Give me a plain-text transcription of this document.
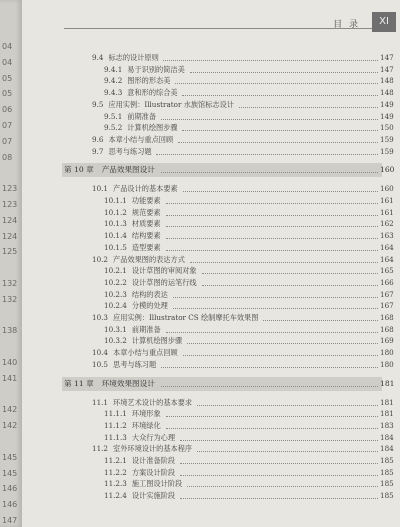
04
04
05
05
06
07
07
08
123
123
124
124
125
132
132
138
140
141
142
142
145
145
146
146
147
目 录	XI
9.4 标志的设计原则	147
9.4.1 易于识别的简洁美	147
9.4.2 图形的形态美	148
9.4.3 意和形的综合美	148
9.5 应用实例：Illustrator 水族馆标志设计	149
9.5.1 前期准备	149
9.5.2 计算机绘图步骤	150
9.6 本章小结与重点回顾	159
9.7 思考与练习题	159
第 10 章 产品效果图设计	160
10.1 产品设计的基本要素	160
10.1.1 功能要素	161
10.1.2 规范要素	161
10.1.3 材质要素	162
10.1.4 结构要素	163
10.1.5 造型要素	164
10.2 产品效果图的表达方式	164
10.2.1 设计草图的审阅对象	165
10.2.2 设计草图的运笔行线	166
10.2.3 结构的表达	167
10.2.4 分模的处理	167
10.3 应用实例：Illustrator CS 绘制摩托车效果图	168
10.3.1 前期准备	168
10.3.2 计算机绘图步骤	169
10.4 本章小结与重点回顾	180
10.5 思考与练习题	180
第 11 章 环境效果图设计	181
11.1 环境艺术设计的基本要求	181
11.1.1 环境形象	181
11.1.2 环境绿化	183
11.1.3 大众行为心理	184
11.2 室外环境设计的基本程序	184
11.2.1 设计准备阶段	185
11.2.2 方案设计阶段	185
11.2.3 施工图设计阶段	185
11.2.4 设计实施阶段	185
